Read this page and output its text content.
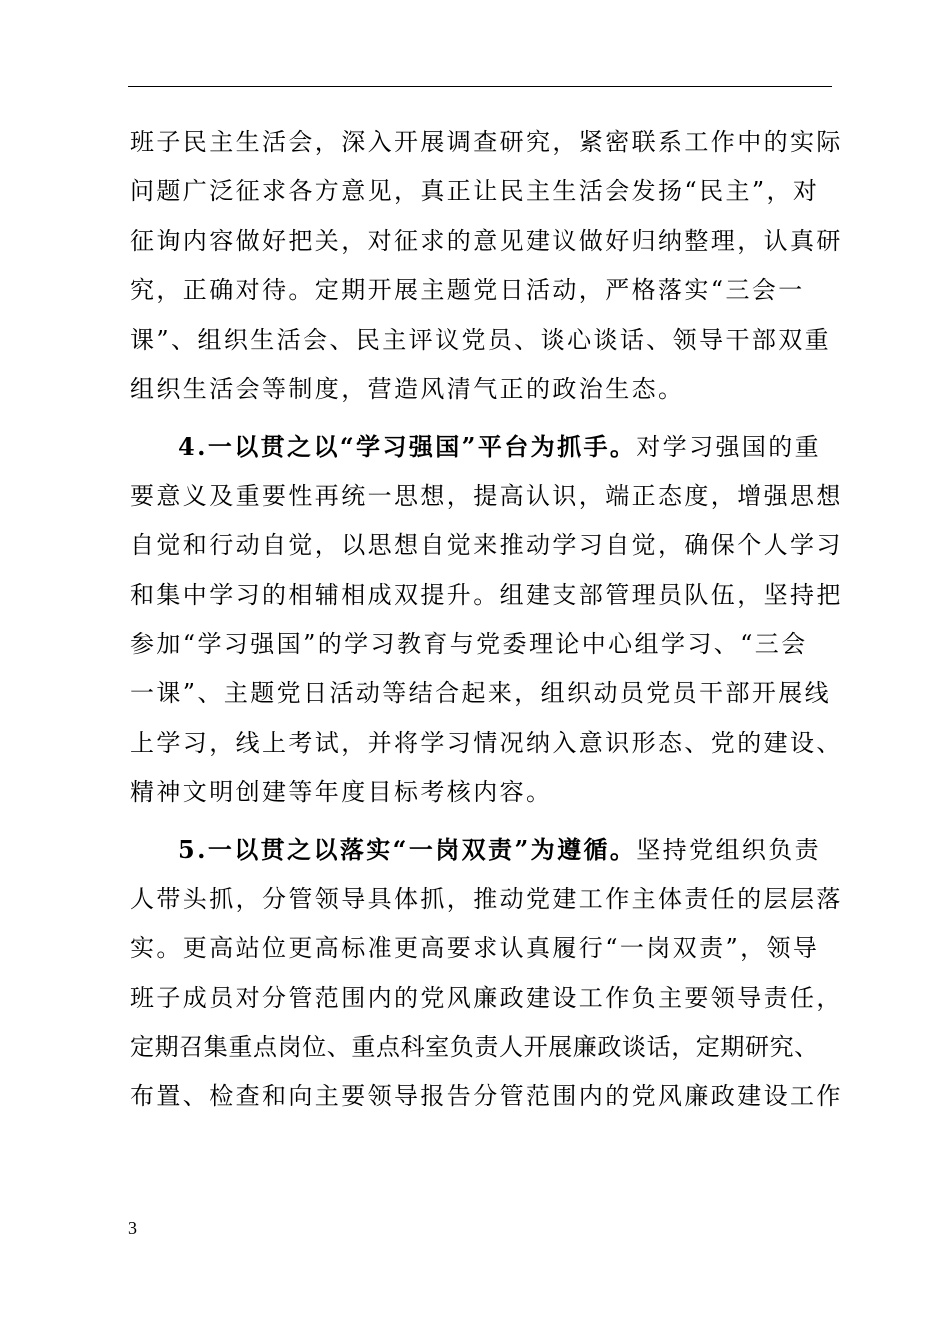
班子民主生活会，深入开展调查研究，紧密联系工作中的实际
问题广泛征求各方意见，真正让民主生活会发扬“民主”，对
征询内容做好把关，对征求的意见建议做好归纳整理，认真研
究，正确对待。定期开展主题党日活动，严格落实“三会一
课”、组织生活会、民主评议党员、谈心谈话、领导干部双重
组织生活会等制度，营造风清气正的政治生态。
4.一以贯之以“学习强国”平台为抓手。对学习强国的重
要意义及重要性再统一思想，提高认识，端正态度，增强思想
自觉和行动自觉，以思想自觉来推动学习自觉，确保个人学习
和集中学习的相辅相成双提升。组建支部管理员队伍，坚持把
参加“学习强国”的学习教育与党委理论中心组学习、“三会
一课”、主题党日活动等结合起来，组织动员党员干部开展线
上学习，线上考试，并将学习情况纳入意识形态、党的建设、
精神文明创建等年度目标考核内容。
5.一以贯之以落实“一岗双责”为遵循。坚持党组织负责
人带头抓，分管领导具体抓，推动党建工作主体责任的层层落
实。更高站位更高标准更高要求认真履行“一岗双责”，领导
班子成员对分管范围内的党风廉政建设工作负主要领导责任，
定期召集重点岗位、重点科室负责人开展廉政谈话，定期研究、
布置、检查和向主要领导报告分管范围内的党风廉政建设工作
3
